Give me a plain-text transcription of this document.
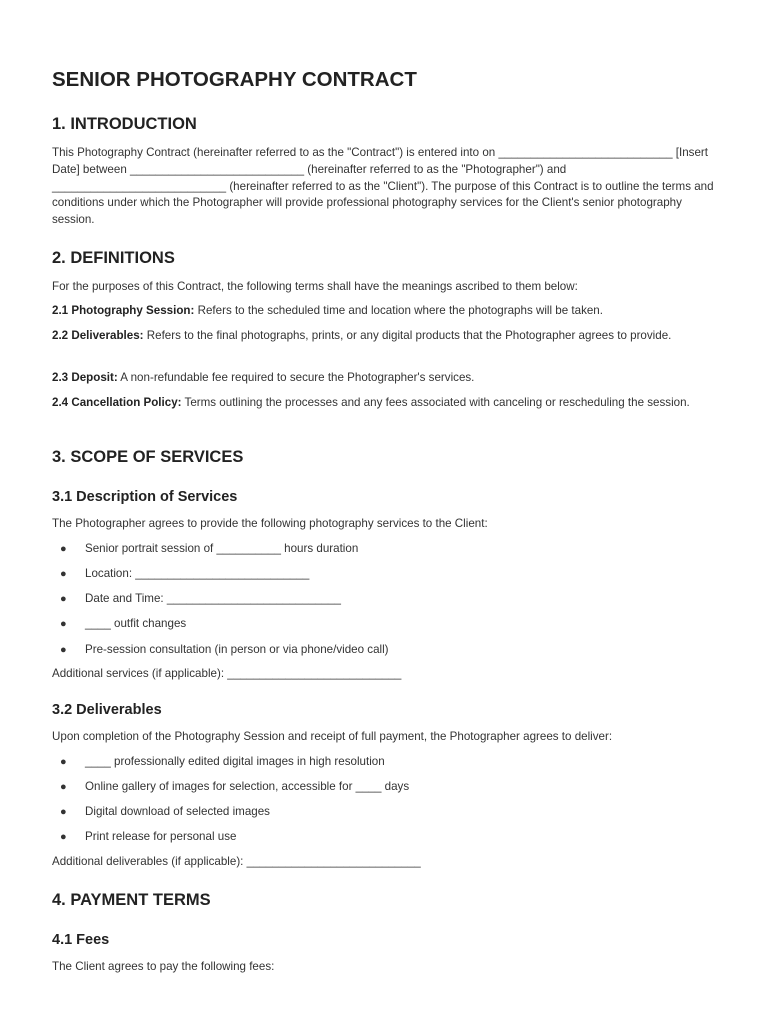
SENIOR PHOTOGRAPHY CONTRACT
1. INTRODUCTION

This Photography Contract (hereinafter referred to as the "Contract") is entered into on ___________________________ [Insert Date] between ___________________________ (hereinafter referred to as the "Photographer") and ___________________________ (hereinafter referred to as the "Client"). The purpose of this Contract is to outline the terms and conditions under which the Photographer will provide professional photography services for the Client's senior photography session.

2. DEFINITIONS

For the purposes of this Contract, the following terms shall have the meanings ascribed to them below:

2.1 Photography Session: Refers to the scheduled time and location where the photographs will be taken.

2.2 Deliverables: Refers to the final photographs, prints, or any digital products that the Photographer agrees to provide.

2.3 Deposit: A non-refundable fee required to secure the Photographer's services.

2.4 Cancellation Policy: Terms outlining the processes and any fees associated with canceling or rescheduling the session.

3. SCOPE OF SERVICES
3.1 Description of Services

The Photographer agrees to provide the following photography services to the Client:

● Senior portrait session of __________ hours duration
● Location: ___________________________
● Date and Time: ___________________________
● ____ outfit changes
● Pre-session consultation (in person or via phone/video call)

Additional services (if applicable): ___________________________

3.2 Deliverables

Upon completion of the Photography Session and receipt of full payment, the Photographer agrees to deliver:

● ____ professionally edited digital images in high resolution
● Online gallery of images for selection, accessible for ____ days
● Digital download of selected images
● Print release for personal use

Additional deliverables (if applicable): ___________________________

4. PAYMENT TERMS
4.1 Fees

The Client agrees to pay the following fees:
